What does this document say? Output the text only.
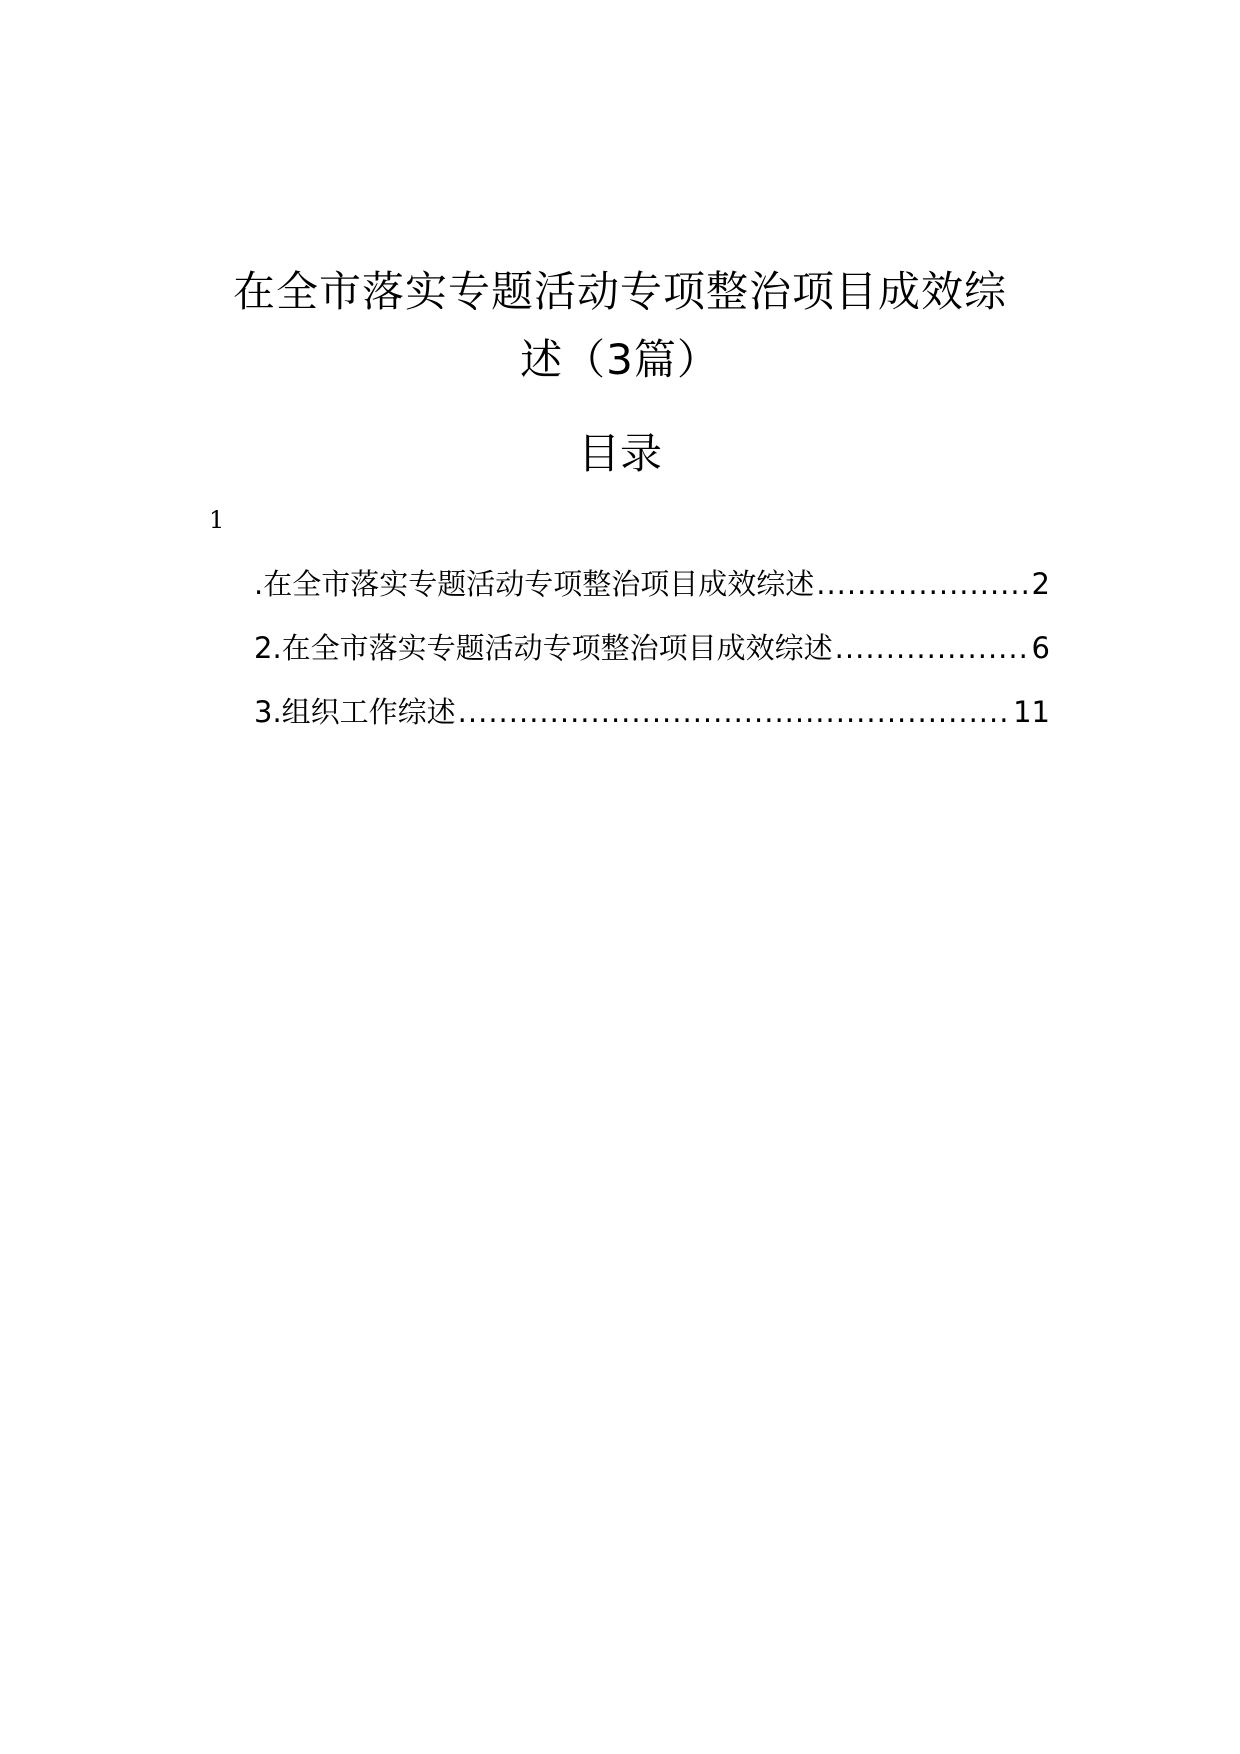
在全市落实专题活动专项整治项目成效综
述（3篇）
目录
1
.在全市落实专题活动专项整治项目成效综述 .....	2
2.在全市落实专题活动专项整治项目成效综述 .....	6
3.组织工作综述 .....	11
